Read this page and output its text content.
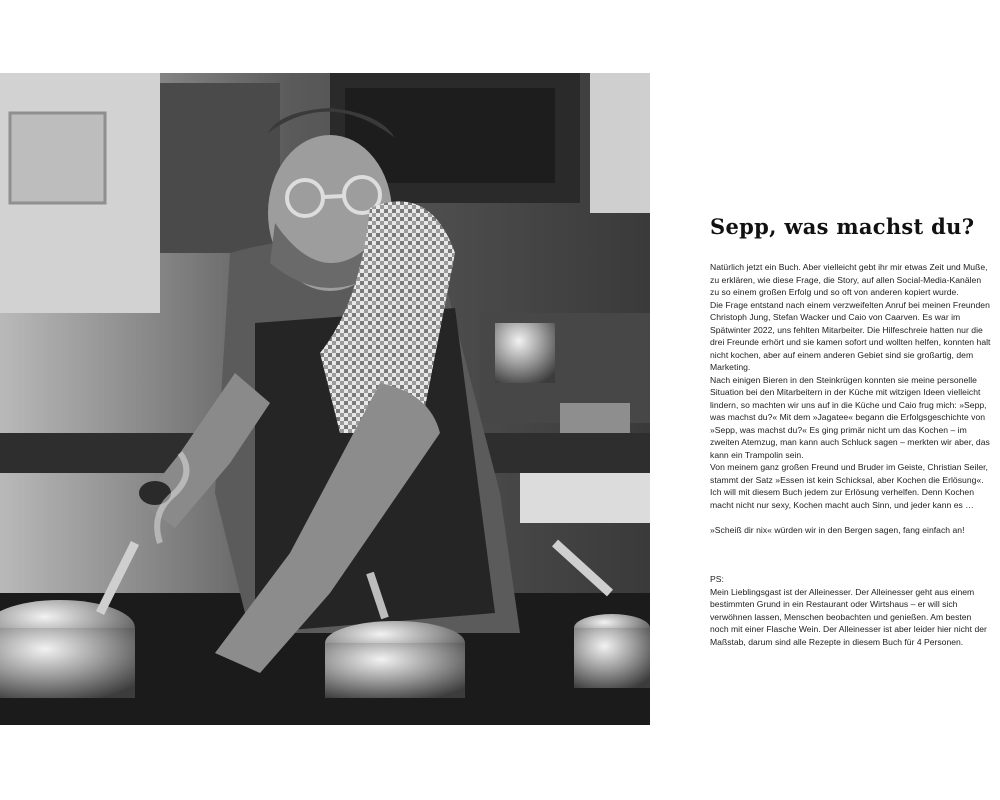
Sepp, was machst du?

Natürlich jetzt ein Buch. Aber vielleicht gebt ihr mir etwas Zeit und Muße, zu erklären, wie diese Frage, die Story, auf allen Social-Media-Kanälen zu so einem großen Erfolg und so oft von anderen kopiert wurde.

Die Frage entstand nach einem verzweifelten Anruf bei meinen Freunden Christoph Jung, Stefan Wacker und Caio von Caarven. Es war im Spätwinter 2022, uns fehlten Mitarbeiter. Die Hilfeschreie hatten nur die drei Freunde erhört und sie kamen sofort und wollten helfen, konnten halt nicht kochen, aber auf einem anderen Gebiet sind sie großartig, dem Marketing.

Nach einigen Bieren in den Steinkrügen konnten sie meine personelle Situation bei den Mitarbeitern in der Küche mit witzigen Ideen vielleicht lindern, so machten wir uns auf in die Küche und Caio frug mich: »Sepp, was machst du?« Mit dem »Jagatee« begann die Erfolgsgeschichte von »Sepp, was machst du?« Es ging primär nicht um das Kochen – im zweiten Atemzug, man kann auch Schluck sagen – merkten wir aber, das kann ein Trampolin sein.

Von meinem ganz großen Freund und Bruder im Geiste, Christian Seiler, stammt der Satz »Essen ist kein Schicksal, aber Kochen die Erlösung«. Ich will mit diesem Buch jedem zur Erlösung verhelfen. Denn Kochen macht nicht nur sexy, Kochen macht auch Sinn, und jeder kann es …

»Scheiß dir nix« würden wir in den Bergen sagen, fang einfach an!

PS:

Mein Lieblingsgast ist der Alleinesser. Der Alleinesser geht aus einem bestimmten Grund in ein Restaurant oder Wirtshaus – er will sich verwöhnen lassen, Menschen beobachten und genießen. Am besten noch mit einer Flasche Wein. Der Alleinesser ist aber leider hier nicht der Maßstab, darum sind alle Rezepte in diesem Buch für 4 Personen.
